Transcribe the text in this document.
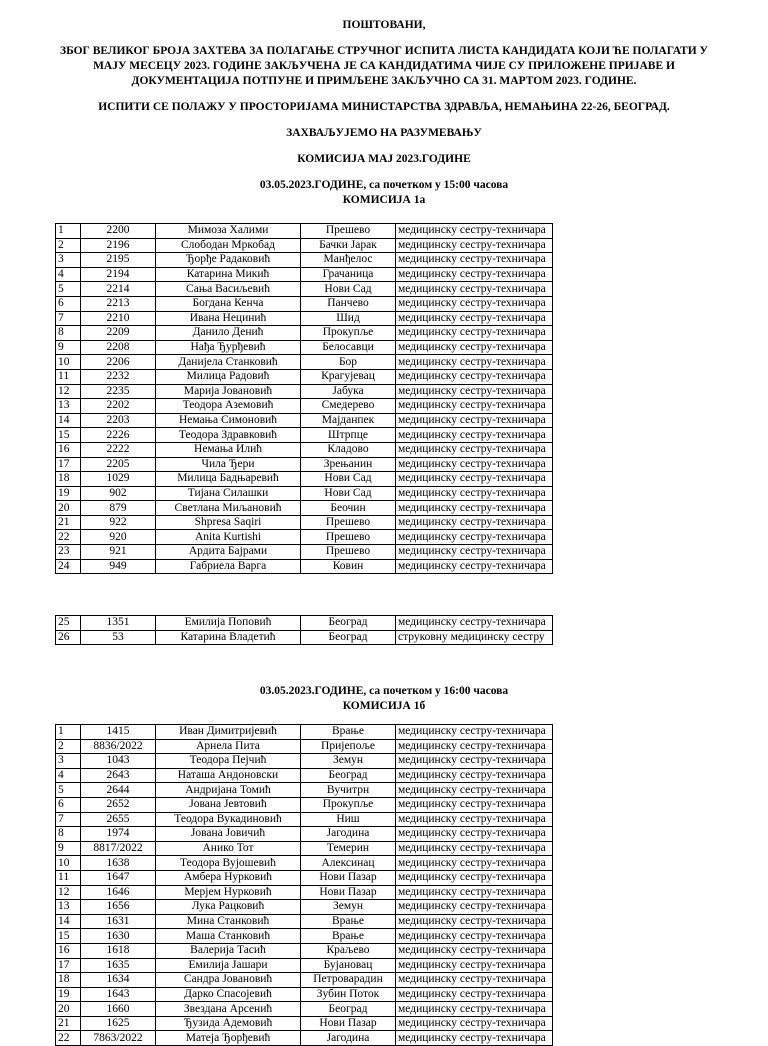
ПОШТОВАНИ,

ЗБОГ ВЕЛИКОГ БРОЈА ЗАХТЕВА ЗА ПОЛАГАЊЕ СТРУЧНОГ ИСПИТА ЛИСТА КАНДИДАТА КОЈИ ЋЕ ПОЛАГАТИ У

МАЈУ МЕСЕЦУ 2023. ГОДИНЕ ЗАКЉУЧЕНА ЈЕ СА КАНДИДАТИМА ЧИЈЕ СУ ПРИЛОЖЕНЕ ПРИЈАВЕ И

ДОКУМЕНТАЦИЈА ПОТПУНЕ И ПРИМЉЕНЕ ЗАКЉУЧНО СА 31. МАРТОМ 2023. ГОДИНЕ.

ИСПИТИ СЕ ПОЛАЖУ У ПРОСТОРИЈАМА МИНИСТАРСТВА ЗДРАВЉА, НЕМАЊИНА 22-26, БЕОГРАД.

ЗАХВАЉУЈЕМО НА РАЗУМЕВАЊУ

КОМИСИЈА МАЈ 2023.ГОДИНЕ

03.05.2023.ГОДИНЕ, са почетком у 15:00 часова

КОМИСИЈА 1а

1	2200	Мимоза Халими	Прешево	медицинску сестру-техничара
2	2196	Слободан Мркобад	Бачки Јарак	медицинску сестру-техничара
3	2195	Ђорђе Радаковић	Манђелос	медицинску сестру-техничара
4	2194	Катарина Микић	Грачаница	медицинску сестру-техничара
5	2214	Сања Васиљевић	Нови Сад	медицинску сестру-техничара
6	2213	Богдана Кенча	Панчево	медицинску сестру-техничара
7	2210	Ивана Нецинић	Шид	медицинску сестру-техничара
8	2209	Данило Денић	Прокупље	медицинску сестру-техничара
9	2208	Нађа Ђурђевић	Белосавци	медицинску сестру-техничара
10	2206	Данијела Станковић	Бор	медицинску сестру-техничара
11	2232	Милица Радовић	Крагујевац	медицинску сестру-техничара
12	2235	Марија Јовановић	Јабука	медицинску сестру-техничара
13	2202	Теодора Аземовић	Смедерево	медицинску сестру-техничара
14	2203	Немања Симоновић	Мајданпек	медицинску сестру-техничара
15	2226	Теодора Здравковић	Штрпце	медицинску сестру-техничара
16	2222	Немања Илић	Кладово	медицинску сестру-техничара
17	2205	Чила Ђери	Зрењанин	медицинску сестру-техничара
18	1029	Милица Бадњаревић	Нови Сад	медицинску сестру-техничара
19	902	Тијана Силашки	Нови Сад	медицинску сестру-техничара
20	879	Светлана Миљановић	Беочин	медицинску сестру-техничара
21	922	Shpresa Saqiri	Прешево	медицинску сестру-техничара
22	920	Anita Kurtishi	Прешево	медицинску сестру-техничара
23	921	Ардита Бајрами	Прешево	медицинску сестру-техничара
24	949	Габриела Варга	Ковин	медицинску сестру-техничара
25	1351	Емилија Поповић	Београд	медицинску сестру-техничара
26	53	Катарина Владетић	Београд	струковну медицинску сестру

03.05.2023.ГОДИНЕ, са почетком у 16:00 часова

КОМИСИЈА 1б

1	1415	Иван Димитријевић	Врање	медицинску сестру-техничара
2	8836/2022	Арнела Пита	Пријепоље	медицинску сестру-техничара
3	1043	Теодора Пејчић	Земун	медицинску сестру-техничара
4	2643	Наташа Андоновски	Београд	медицинску сестру-техничара
5	2644	Андријана Томић	Вучитрн	медицинску сестру-техничара
6	2652	Јована Јевтовић	Прокупље	медицинску сестру-техничара
7	2655	Теодора Вукадиновић	Ниш	медицинску сестру-техничара
8	1974	Јована Јовичић	Јагодина	медицинску сестру-техничара
9	8817/2022	Анико Тот	Темерин	медицинску сестру-техничара
10	1638	Теодора Вујошевић	Алексинац	медицинску сестру-техничара
11	1647	Амбера Нурковић	Нови Пазар	медицинску сестру-техничара
12	1646	Мерјем Нурковић	Нови Пазар	медицинску сестру-техничара
13	1656	Лука Рацковић	Земун	медицинску сестру-техничара
14	1631	Мина Станковић	Врање	медицинску сестру-техничара
15	1630	Маша Станковић	Врање	медицинску сестру-техничара
16	1618	Валерија Тасић	Краљево	медицинску сестру-техничара
17	1635	Емилија Јашари	Бујановац	медицинску сестру-техничара
18	1634	Сандра Јовановић	Петроварадин	медицинску сестру-техничара
19	1643	Дарко Спасојевић	Зубин Поток	медицинску сестру-техничара
20	1660	Звездана Арсенић	Београд	медицинску сестру-техничара
21	1625	Ђузида Адемовић	Нови Пазар	медицинску сестру-техничара
22	7863/2022	Матеја Ђорђевић	Јагодина	медицинску сестру-техничара
